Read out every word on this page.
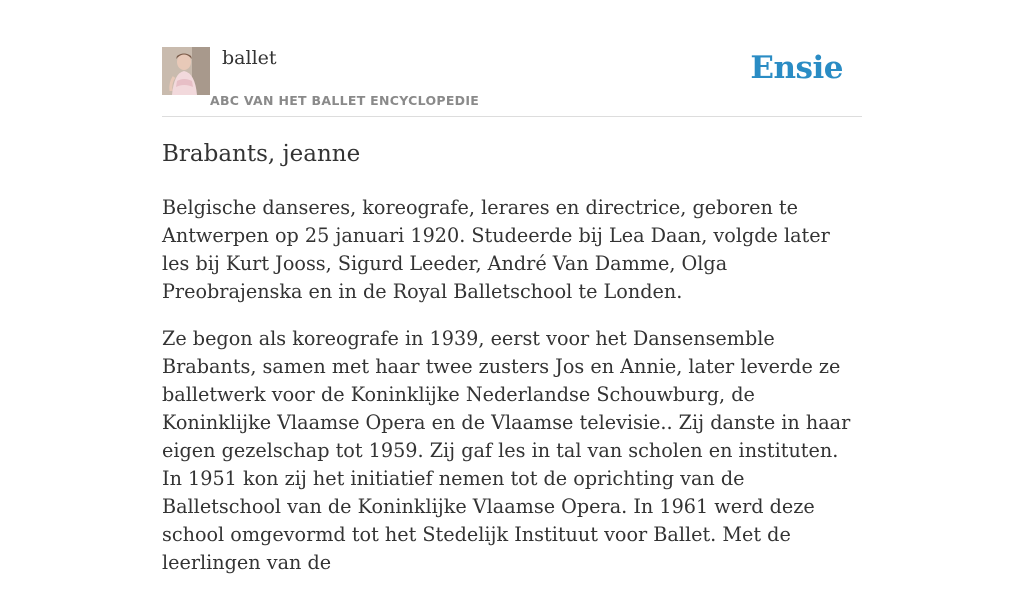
ballet
ABC VAN HET BALLET ENCYCLOPEDIE
Ensie
Brabants, jeanne

Belgische danseres, koreografe, lerares en directrice, geboren te Antwerpen op 25 januari 1920. Studeerde bij Lea Daan, volgde later les bij Kurt Jooss, Sigurd Leeder, André Van Damme, Olga Preobrajenska en in de Royal Balletschool te Londen.

Ze begon als koreografe in 1939, eerst voor het Dansensemble Brabants, samen met haar twee zusters Jos en Annie, later leverde ze balletwerk voor de Koninklijke Nederlandse Schouwburg, de Koninklijke Vlaamse Opera en de Vlaamse televisie.. Zij danste in haar eigen gezelschap tot 1959. Zij gaf les in tal van scholen en instituten. In 1951 kon zij het initiatief nemen tot de oprichting van de Balletschool van de Koninklijke Vlaamse Opera. In 1961 werd deze school omgevormd tot het Stedelijk Instituut voor Ballet. Met de leerlingen van de
